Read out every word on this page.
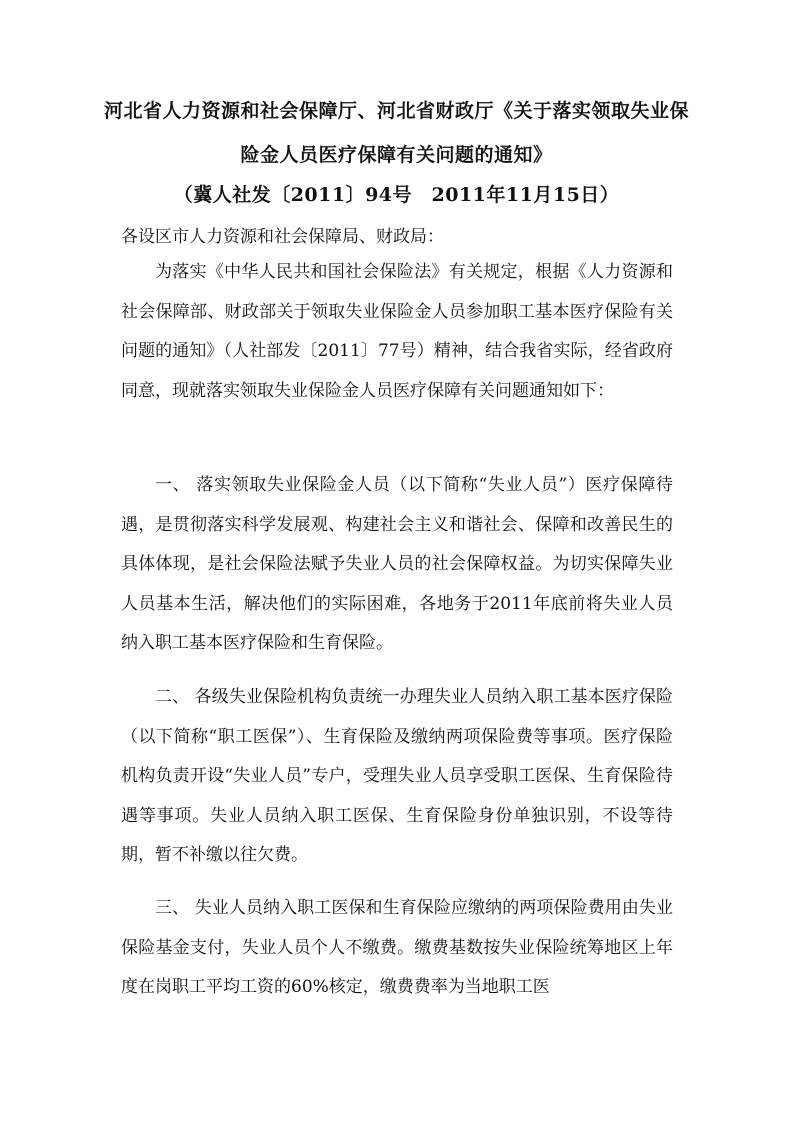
河北省人力资源和社会保障厅、河北省财政厅《关于落实领取失业保
险金人员医疗保障有关问题的通知》
（冀人社发〔2011〕94号　2011年11月15日）
各设区市人力资源和社会保障局、财政局：

为落实《中华人民共和国社会保险法》有关规定，根据《人力资源和社会保障部、财政部关于领取失业保险金人员参加职工基本医疗保险有关问题的通知》（人社部发〔2011〕77号）精神，结合我省实际，经省政府同意，现就落实领取失业保险金人员医疗保障有关问题通知如下：

一、 落实领取失业保险金人员（以下简称“失业人员”）医疗保障待遇，是贯彻落实科学发展观、构建社会主义和谐社会、保障和改善民生的具体体现，是社会保险法赋予失业人员的社会保障权益。为切实保障失业人员基本生活，解决他们的实际困难，各地务于2011年底前将失业人员纳入职工基本医疗保险和生育保险。

二、 各级失业保险机构负责统一办理失业人员纳入职工基本医疗保险（以下简称“职工医保”）、生育保险及缴纳两项保险费等事项。医疗保险机构负责开设“失业人员”专户，受理失业人员享受职工医保、生育保险待遇等事项。失业人员纳入职工医保、生育保险身份单独识别，不设等待期，暂不补缴以往欠费。

三、 失业人员纳入职工医保和生育保险应缴纳的两项保险费用由失业保险基金支付，失业人员个人不缴费。缴费基数按失业保险统筹地区上年度在岗职工平均工资的60%核定，缴费费率为当地职工医
